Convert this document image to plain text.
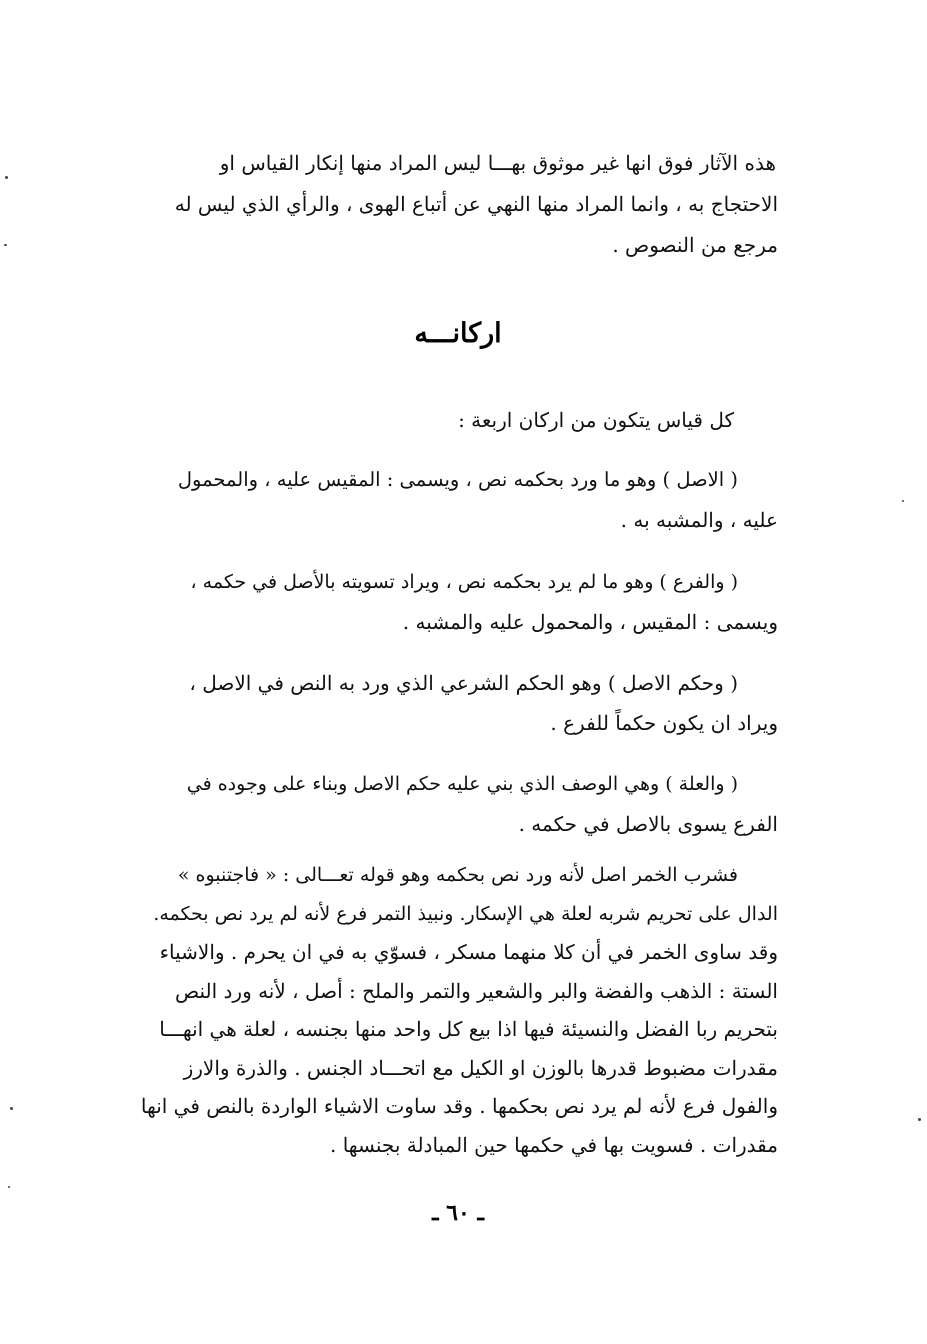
هذه الآثار فوق انها غير موثوق بهـــا ليس المراد منها إنكار القياس او
الاحتجاج به ، وانما المراد منها النهي عن أتباع الهوى ، والرأي الذي ليس له
مرجع من النصوص .
اركانـــه
كل قياس يتكون من اركان اربعة :
( الاصل ) وهو ما ورد بحكمه نص ، ويسمى : المقيس عليه ، والمحمول
عليه ، والمشبه به .
( والفرع ) وهو ما لم يرد بحكمه نص ، ويراد تسويته بالأصل في حكمه ،
ويسمى : المقيس ، والمحمول عليه والمشبه .
( وحكم الاصل ) وهو الحكم الشرعي الذي ورد به النص في الاصل ،
ويراد ان يكون حكماً للفرع .
( والعلة ) وهي الوصف الذي بني عليه حكم الاصل وبناء على وجوده في
الفرع يسوى بالاصل في حكمه .
فشرب الخمر اصل لأنه ورد نص بحكمه وهو قوله تعـــالى : « فاجتنبوه »
الدال على تحريم شربه لعلة هي الإسكار. ونبيذ التمر فرع لأنه لم يرد نص بحكمه.
وقد ساوى الخمر في أن كلا منهما مسكر ، فسوّي به في ان يحرم . والاشياء
الستة : الذهب والفضة والبر والشعير والتمر والملح : أصل ، لأنه ورد النص
بتحريم ربا الفضل والنسيئة فيها اذا بيع كل واحد منها بجنسه ، لعلة هي انهـــا
مقدرات مضبوط قدرها بالوزن او الكيل مع اتحـــاد الجنس . والذرة والارز
والفول فرع لأنه لم يرد نص بحكمها . وقد ساوت الاشياء الواردة بالنص في انها
مقدرات . فسويت بها في حكمها حين المبادلة بجنسها .
ـ ٦٠ ـ
